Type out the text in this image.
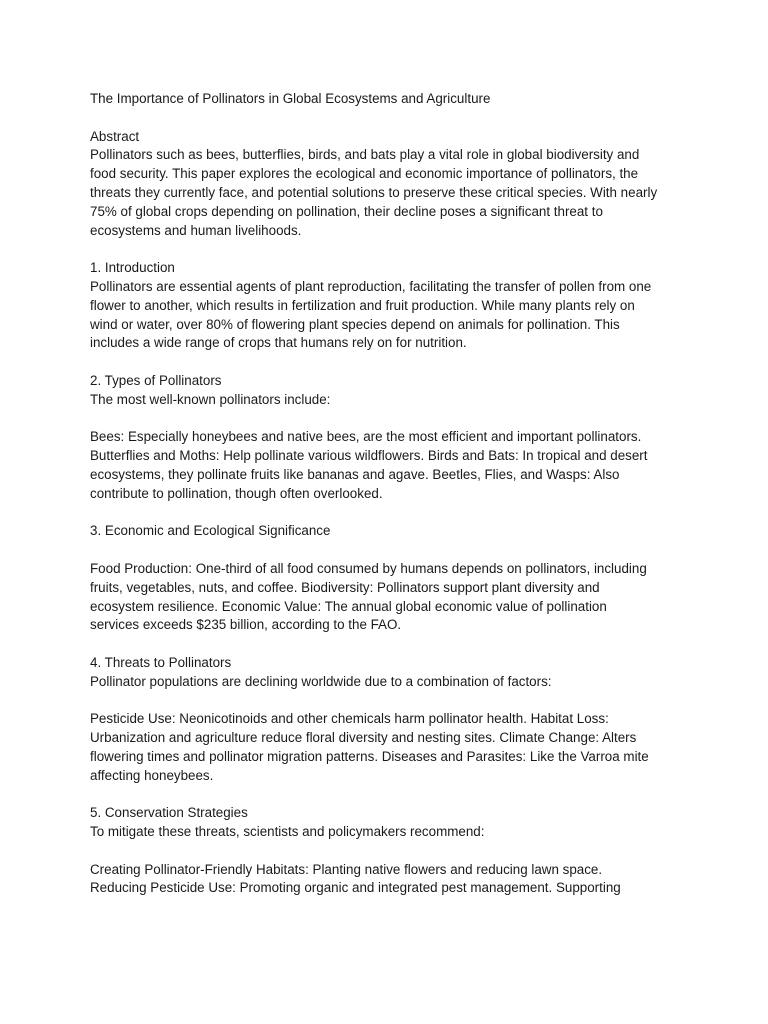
The Importance of Pollinators in Global Ecosystems and Agriculture

Abstract
Pollinators such as bees, butterflies, birds, and bats play a vital role in global biodiversity and
food security. This paper explores the ecological and economic importance of pollinators, the
threats they currently face, and potential solutions to preserve these critical species. With nearly
75% of global crops depending on pollination, their decline poses a significant threat to
ecosystems and human livelihoods.
1. Introduction
Pollinators are essential agents of plant reproduction, facilitating the transfer of pollen from one
flower to another, which results in fertilization and fruit production. While many plants rely on
wind or water, over 80% of flowering plant species depend on animals for pollination. This
includes a wide range of crops that humans rely on for nutrition.
2. Types of Pollinators
The most well-known pollinators include:
Bees: Especially honeybees and native bees, are the most efficient and important pollinators.
Butterflies and Moths: Help pollinate various wildflowers. Birds and Bats: In tropical and desert
ecosystems, they pollinate fruits like bananas and agave. Beetles, Flies, and Wasps: Also
contribute to pollination, though often overlooked.
3. Economic and Ecological Significance
Food Production: One-third of all food consumed by humans depends on pollinators, including
fruits, vegetables, nuts, and coffee. Biodiversity: Pollinators support plant diversity and
ecosystem resilience. Economic Value: The annual global economic value of pollination
services exceeds $235 billion, according to the FAO.
4. Threats to Pollinators
Pollinator populations are declining worldwide due to a combination of factors:
Pesticide Use: Neonicotinoids and other chemicals harm pollinator health. Habitat Loss:
Urbanization and agriculture reduce floral diversity and nesting sites. Climate Change: Alters
flowering times and pollinator migration patterns. Diseases and Parasites: Like the Varroa mite
affecting honeybees.
5. Conservation Strategies
To mitigate these threats, scientists and policymakers recommend:
Creating Pollinator-Friendly Habitats: Planting native flowers and reducing lawn space.
Reducing Pesticide Use: Promoting organic and integrated pest management. Supporting
